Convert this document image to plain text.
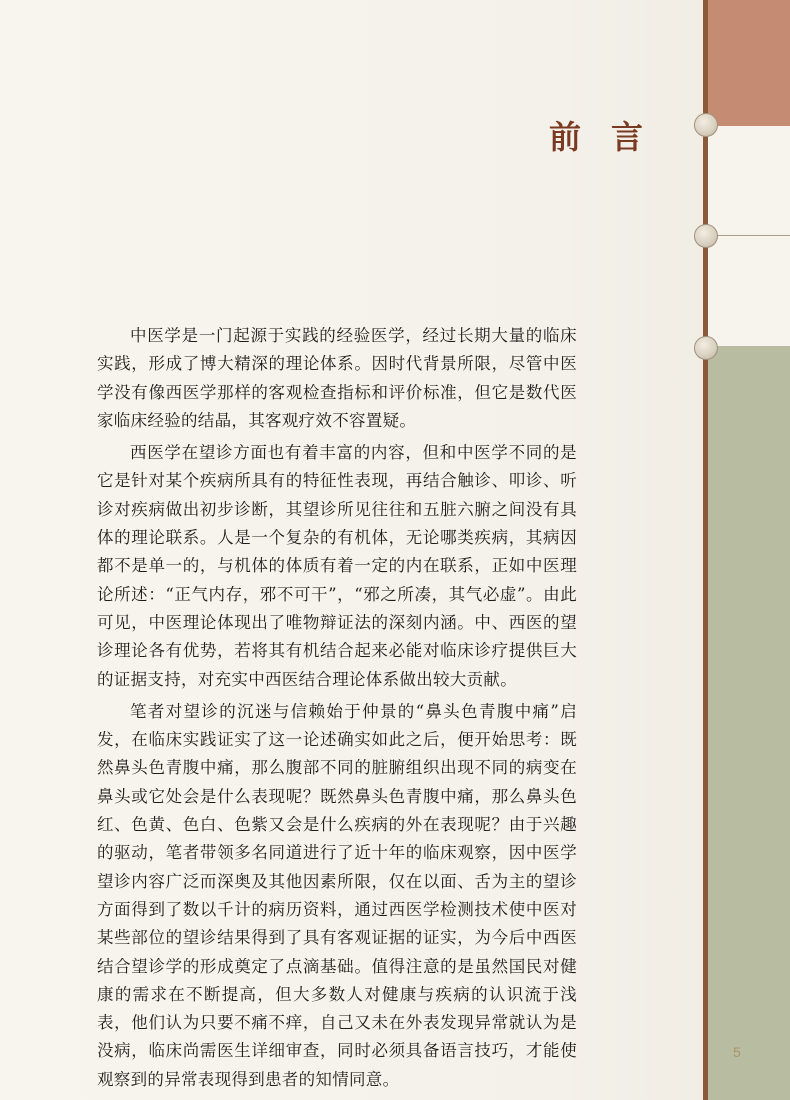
前言

中医学是一门起源于实践的经验医学，经过长期大量的临床实践，形成了博大精深的理论体系。因时代背景所限，尽管中医学没有像西医学那样的客观检查指标和评价标准，但它是数代医家临床经验的结晶，其客观疗效不容置疑。

西医学在望诊方面也有着丰富的内容，但和中医学不同的是它是针对某个疾病所具有的特征性表现，再结合触诊、叩诊、听诊对疾病做出初步诊断，其望诊所见往往和五脏六腑之间没有具体的理论联系。人是一个复杂的有机体，无论哪类疾病，其病因都不是单一的，与机体的体质有着一定的内在联系，正如中医理论所述：“正气内存，邪不可干”，“邪之所凑，其气必虚”。由此可见，中医理论体现出了唯物辩证法的深刻内涵。中、西医的望诊理论各有优势，若将其有机结合起来必能对临床诊疗提供巨大的证据支持，对充实中西医结合理论体系做出较大贡献。

笔者对望诊的沉迷与信赖始于仲景的“鼻头色青腹中痛”启发，在临床实践证实了这一论述确实如此之后，便开始思考：既然鼻头色青腹中痛，那么腹部不同的脏腑组织出现不同的病变在鼻头或它处会是什么表现呢？既然鼻头色青腹中痛，那么鼻头色红、色黄、色白、色紫又会是什么疾病的外在表现呢？由于兴趣的驱动，笔者带领多名同道进行了近十年的临床观察，因中医学望诊内容广泛而深奥及其他因素所限，仅在以面、舌为主的望诊方面得到了数以千计的病历资料，通过西医学检测技术使中医对某些部位的望诊结果得到了具有客观证据的证实，为今后中西医结合望诊学的形成奠定了点滴基础。值得注意的是虽然国民对健康的需求在不断提高，但大多数人对健康与疾病的认识流于浅表，他们认为只要不痛不痒，自己又未在外表发现异常就认为是没病，临床尚需医生详细审查，同时必须具备语言技巧，才能使观察到的异常表现得到患者的知情同意。

5
